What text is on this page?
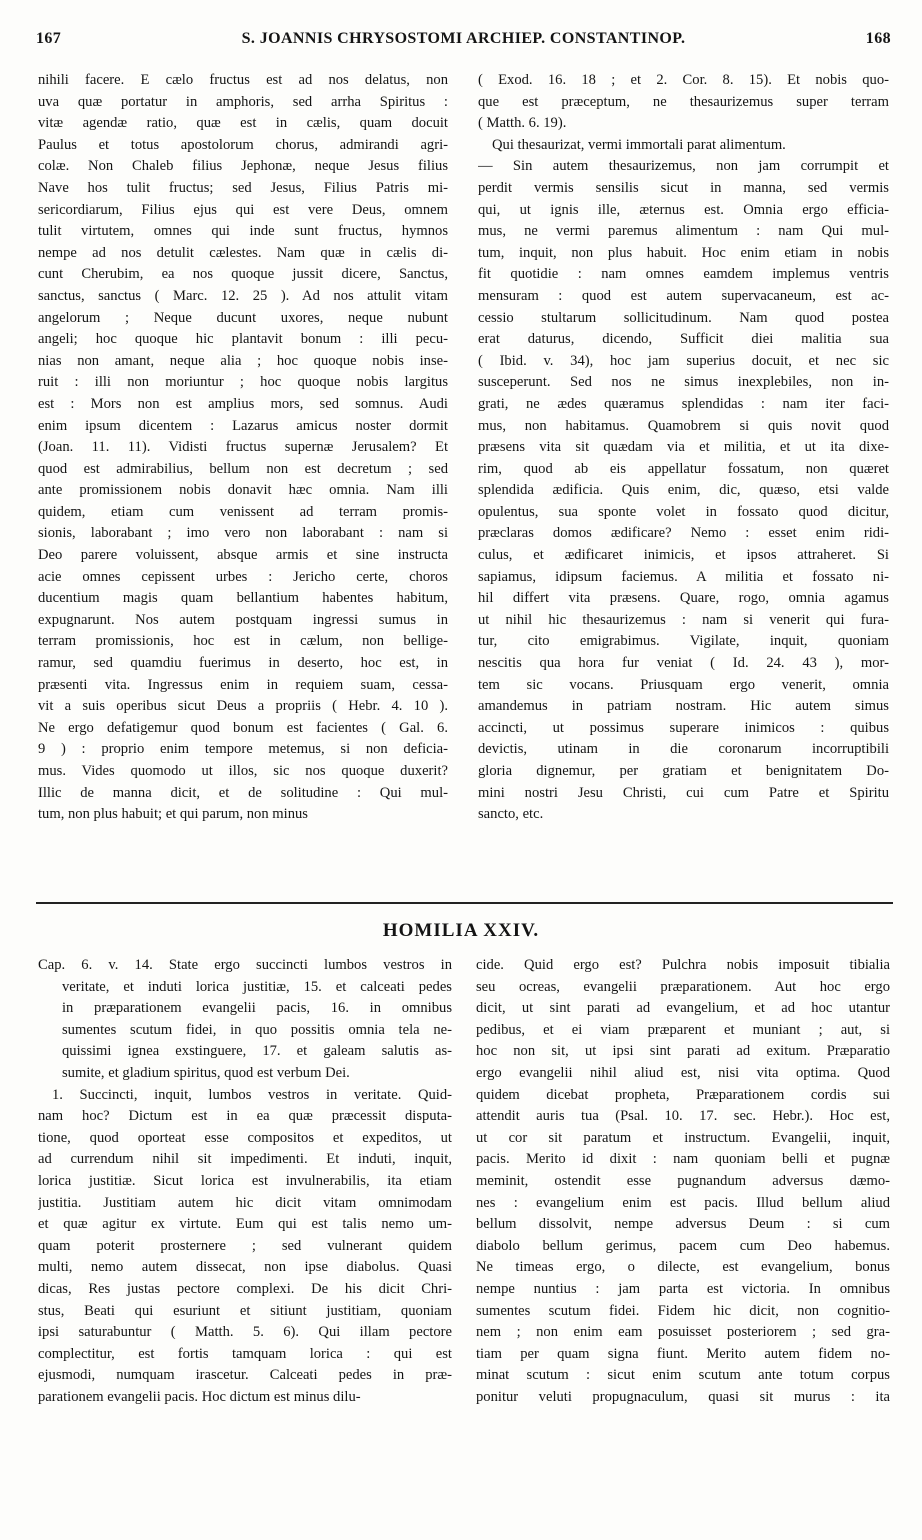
167	S. JOANNIS CHRYSOSTOMI ARCHIEP. CONSTANTINOP.	168
nihili facere. E cælo fructus est ad nos delatus, non
uva quæ portatur in amphoris, sed arrha Spiritus :
vitæ agendæ ratio, quæ est in cælis, quam docuit
Paulus et totus apostolorum chorus, admirandi agri-
colæ. Non Chaleb filius Jephonæ, neque Jesus filius
Nave hos tulit fructus; sed Jesus, Filius Patris mi-
sericordiarum, Filius ejus qui est vere Deus, omnem
tulit virtutem, omnes qui inde sunt fructus, hymnos
nempe ad nos detulit cælestes. Nam quæ in cælis di-
cunt Cherubim, ea nos quoque jussit dicere, Sanctus,
sanctus, sanctus ( Marc. 12. 25 ). Ad nos attulit vitam
angelorum ; Neque ducunt uxores, neque nubunt
angeli; hoc quoque hic plantavit bonum : illi pecu-
nias non amant, neque alia ; hoc quoque nobis inse-
ruit : illi non moriuntur ; hoc quoque nobis largitus
est : Mors non est amplius mors, sed somnus. Audi
enim ipsum dicentem : Lazarus amicus noster dormit
(Joan. 11. 11). Vidisti fructus supernæ Jerusalem? Et
quod est admirabilius, bellum non est decretum ; sed
ante promissionem nobis donavit hæc omnia. Nam illi
quidem, etiam cum venissent ad terram promis-
sionis, laborabant ; imo vero non laborabant : nam si
Deo parere voluissent, absque armis et sine instructa
acie omnes cepissent urbes : Jericho certe, choros
ducentium magis quam bellantium habentes habitum,
expugnarunt. Nos autem postquam ingressi sumus in
terram promissionis, hoc est in cælum, non bellige-
ramur, sed quamdiu fuerimus in deserto, hoc est, in
præsenti vita. Ingressus enim in requiem suam, cessa-
vit a suis operibus sicut Deus a propriis ( Hebr. 4. 10 ).
Ne ergo defatigemur quod bonum est facientes ( Gal. 6.
9 ) : proprio enim tempore metemus, si non deficia-
mus. Vides quomodo ut illos, sic nos quoque duxerit?
Illic de manna dicit, et de solitudine : Qui mul-
tum, non plus habuit; et qui parum, non minus
( Exod. 16. 18 ; et 2. Cor. 8. 15). Et nobis quo-
que est præceptum, ne thesaurizemus super terram
( Matth. 6. 19).
Qui thesaurizat, vermi immortali parat alimentum.
— Sin autem thesaurizemus, non jam corrumpit et
perdit vermis sensilis sicut in manna, sed vermis
qui, ut ignis ille, æternus est. Omnia ergo efficia-
mus, ne vermi paremus alimentum : nam Qui mul-
tum, inquit, non plus habuit. Hoc enim etiam in nobis
fit quotidie : nam omnes eamdem implemus ventris
mensuram : quod est autem supervacaneum, est ac-
cessio stultarum sollicitudinum. Nam quod postea
erat daturus, dicendo, Sufficit diei malitia sua
( Ibid. v. 34), hoc jam superius docuit, et nec sic
susceperunt. Sed nos ne simus inexplebiles, non in-
grati, ne ædes quæramus splendidas : nam iter faci-
mus, non habitamus. Quamobrem si quis novit quod
præsens vita sit quædam via et militia, et ut ita dixe-
rim, quod ab eis appellatur fossatum, non quæret
splendida ædificia. Quis enim, dic, quæso, etsi valde
opulentus, sua sponte volet in fossato quod dicitur,
præclaras domos ædificare? Nemo : esset enim ridi-
culus, et ædificaret inimicis, et ipsos attraheret. Si
sapiamus, idipsum faciemus. A militia et fossato ni-
hil differt vita præsens. Quare, rogo, omnia agamus
ut nihil hic thesaurizemus : nam si venerit qui fura-
tur, cito emigrabimus. Vigilate, inquit, quoniam
nescitis qua hora fur veniat ( Id. 24. 43 ), mor-
tem sic vocans. Priusquam ergo venerit, omnia
amandemus in patriam nostram. Hic autem simus
accincti, ut possimus superare inimicos : quibus
devictis, utinam in die coronarum incorruptibili
gloria dignemur, per gratiam et benignitatem Do-
mini nostri Jesu Christi, cui cum Patre et Spiritu
sancto, etc.
HOMILIA XXIV.
Cap. 6. v. 14. State ergo succincti lumbos vestros in
veritate, et induti lorica justitiæ, 15. et calceati pedes
in præparationem evangelii pacis, 16. in omnibus
sumentes scutum fidei, in quo possitis omnia tela ne-
quissimi ignea exstinguere, 17. et galeam salutis as-
sumite, et gladium spiritus, quod est verbum Dei.
1. Succincti, inquit, lumbos vestros in veritate. Quid-
nam hoc? Dictum est in ea quæ præcessit disputa-
tione, quod oporteat esse compositos et expeditos, ut
ad currendum nihil sit impedimenti. Et induti, inquit,
lorica justitiæ. Sicut lorica est invulnerabilis, ita etiam
justitia. Justitiam autem hic dicit vitam omnimodam
et quæ agitur ex virtute. Eum qui est talis nemo um-
quam poterit prosternere ; sed vulnerant quidem
multi, nemo autem dissecat, non ipse diabolus. Quasi
dicas, Res justas pectore complexi. De his dicit Chri-
stus, Beati qui esuriunt et sitiunt justitiam, quoniam
ipsi saturabuntur ( Matth. 5. 6). Qui illam pectore
complectitur, est fortis tamquam lorica : qui est
ejusmodi, numquam irascetur. Calceati pedes in præ-
parationem evangelii pacis. Hoc dictum est minus dilu-
cide. Quid ergo est? Pulchra nobis imposuit tibialia
seu ocreas, evangelii præparationem. Aut hoc ergo
dicit, ut sint parati ad evangelium, et ad hoc utantur
pedibus, et ei viam præparent et muniant ; aut, si
hoc non sit, ut ipsi sint parati ad exitum. Præparatio
ergo evangelii nihil aliud est, nisi vita optima. Quod
quidem dicebat propheta, Præparationem cordis sui
attendit auris tua (Psal. 10. 17. sec. Hebr.). Hoc est,
ut cor sit paratum et instructum. Evangelii, inquit,
pacis. Merito id dixit : nam quoniam belli et pugnæ
meminit, ostendit esse pugnandum adversus dæmo-
nes : evangelium enim est pacis. Illud bellum aliud
bellum dissolvit, nempe adversus Deum : si cum
diabolo bellum gerimus, pacem cum Deo habemus.
Ne timeas ergo, o dilecte, est evangelium, bonus
nempe nuntius : jam parta est victoria. In omnibus
sumentes scutum fidei. Fidem hic dicit, non cognitio-
nem ; non enim eam posuisset posteriorem ; sed gra-
tiam per quam signa fiunt. Merito autem fidem no-
minat scutum : sicut enim scutum ante totum corpus
ponitur veluti propugnaculum, quasi sit murus : ita
